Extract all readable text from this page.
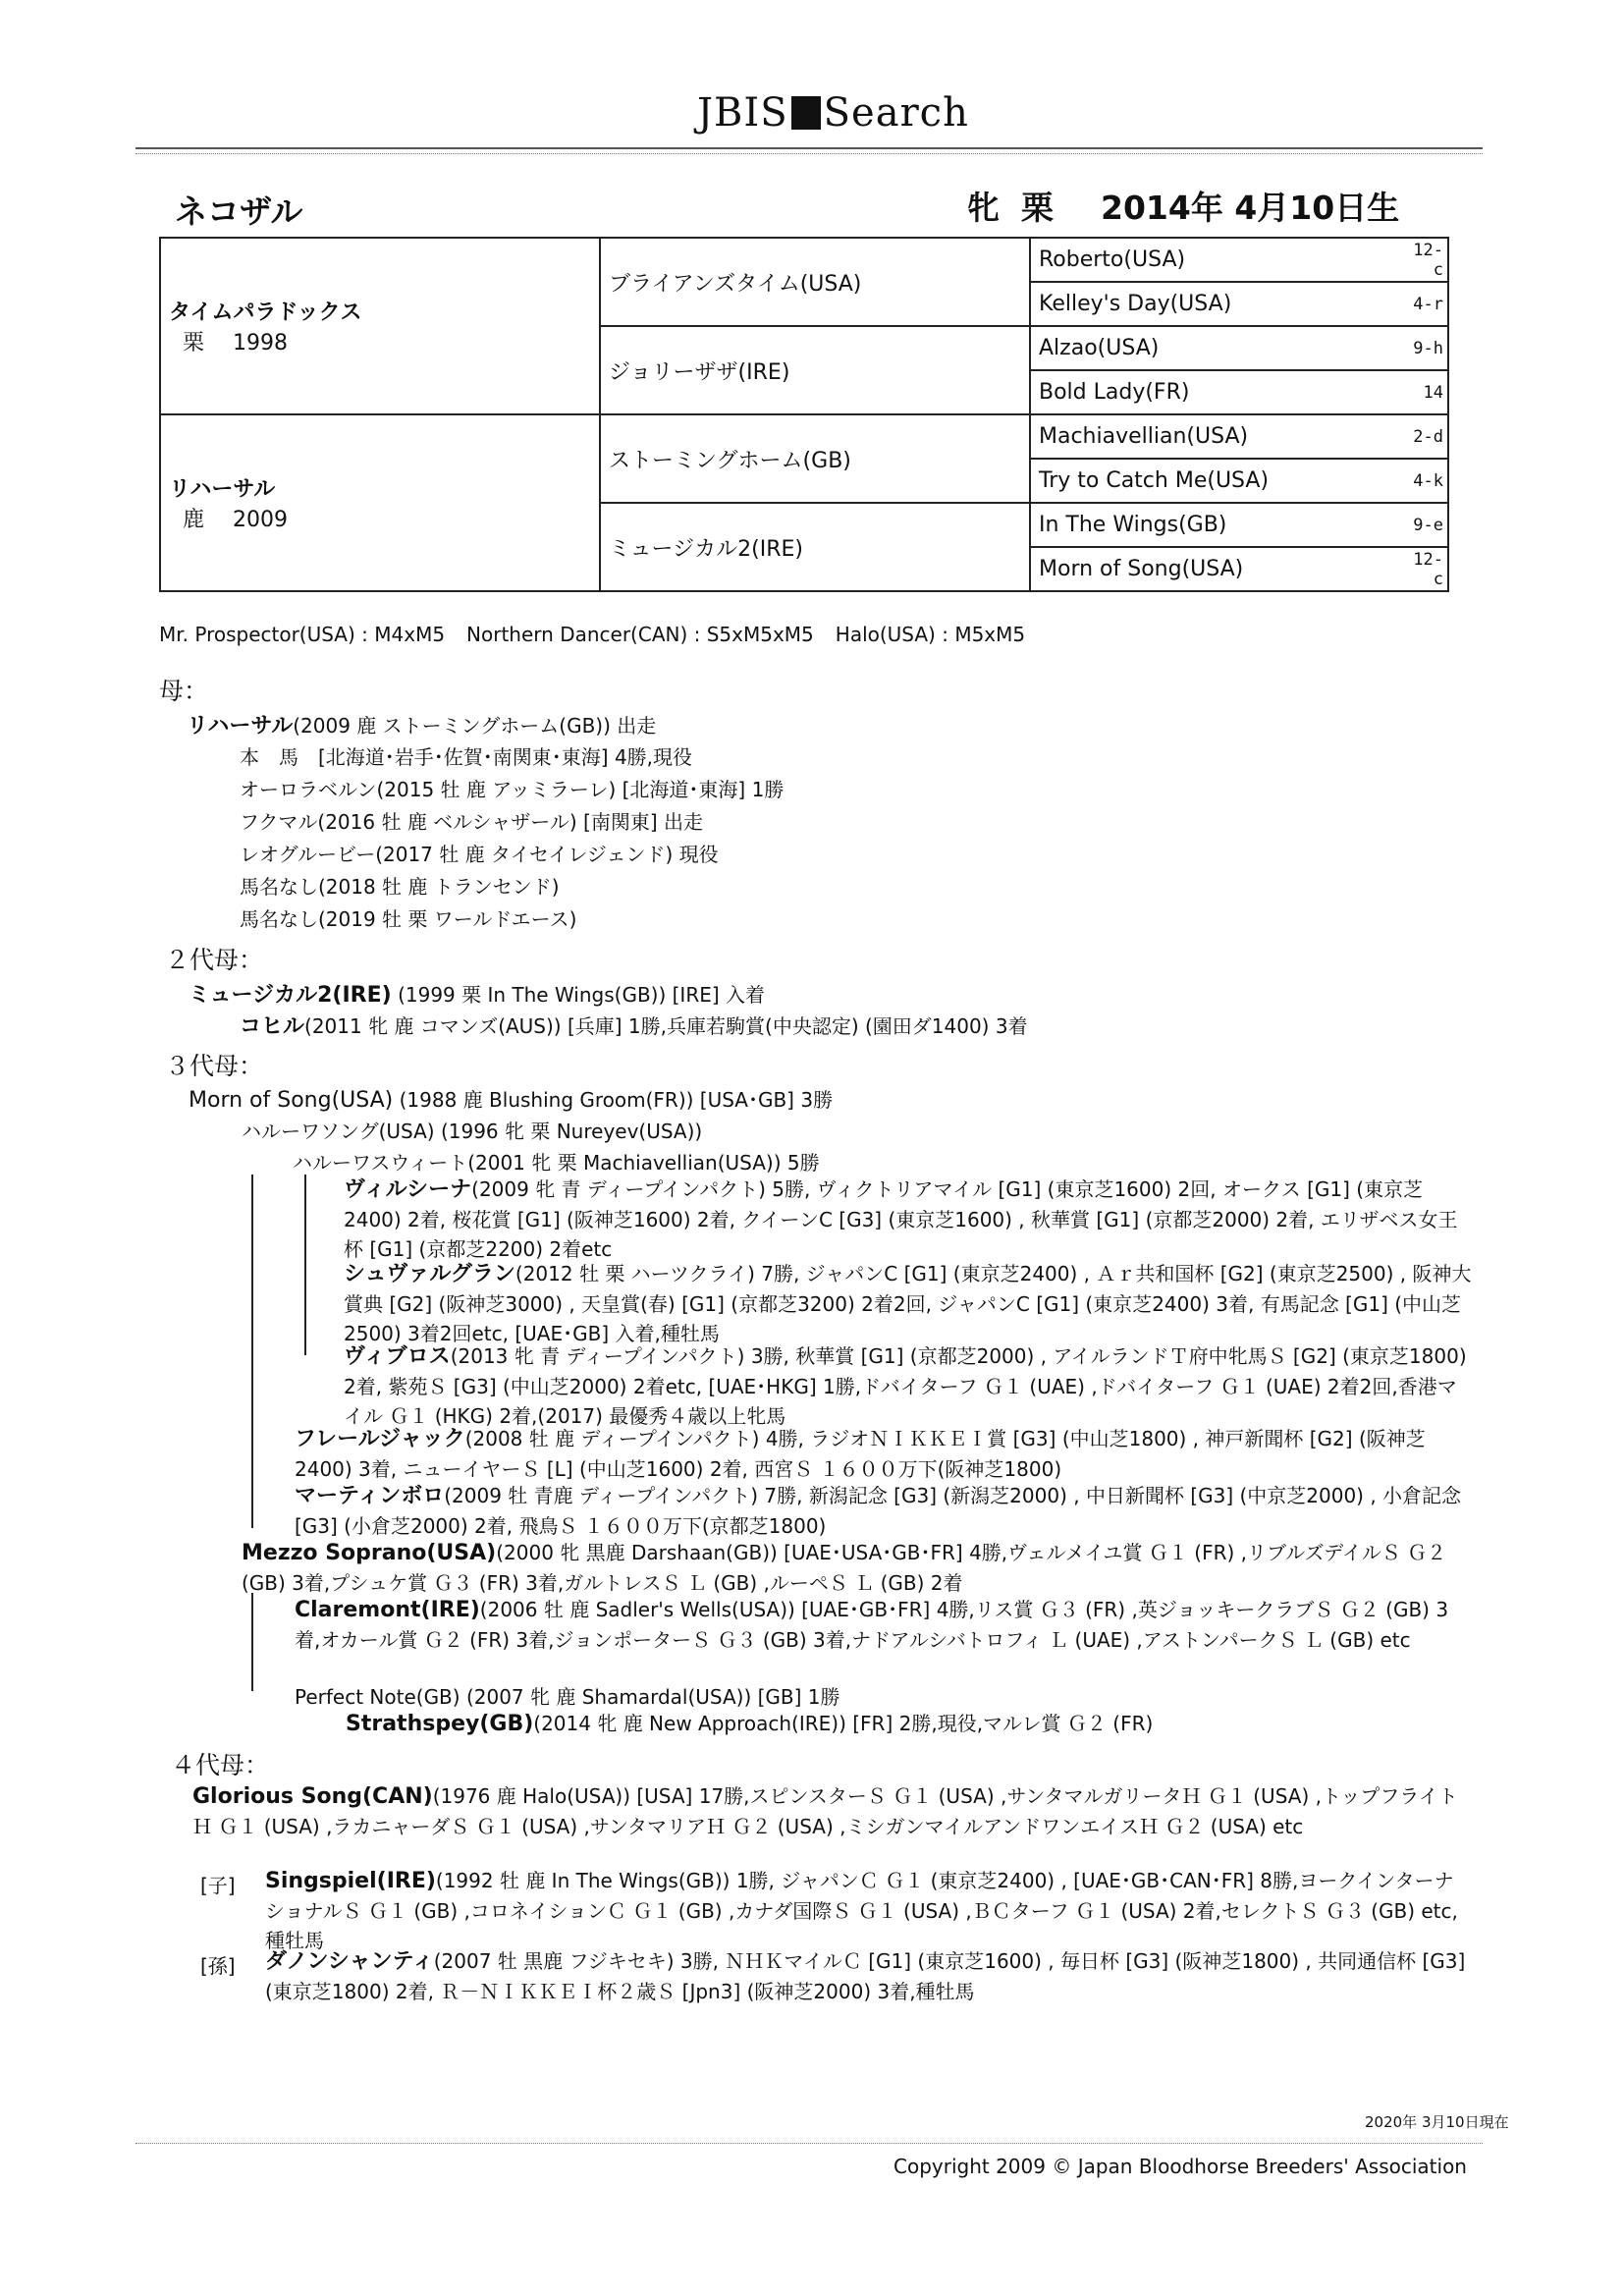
JBIS Search
ネコザル	牝 栗 2014年 4月10日生
タイムパラドックス
栗　 1998	ブライアンズタイム(USA)	Roberto(USA)	12-c
		Kelley's Day(USA)	4-r
	ジョリーザザ(IRE)	Alzao(USA)	9-h
		Bold Lady(FR)	14
リハーサル
鹿　 2009	ストーミングホーム(GB)	Machiavellian(USA)	2-d
		Try to Catch Me(USA)	4-k
	ミュージカル2(IRE)	In The Wings(GB)	9-e
		Morn of Song(USA)	12-c
Mr. Prospector(USA) : M4xM5 Northern Dancer(CAN) : S5xM5xM5 Halo(USA) : M5xM5
母：
リハーサル(2009 鹿 ストーミングホーム(GB)) 出走
本　馬　[北海道･岩手･佐賀･南関東･東海] 4勝,現役
オーロラベルン(2015 牡 鹿 アッミラーレ) [北海道･東海] 1勝
フクマル(2016 牡 鹿 ベルシャザール) [南関東] 出走
レオグルービー(2017 牡 鹿 タイセイレジェンド) 現役
馬名なし(2018 牡 鹿 トランセンド)
馬名なし(2019 牡 栗 ワールドエース)
２代母：
ミュージカル2(IRE) (1999 栗 In The Wings(GB)) [IRE] 入着
コヒル(2011 牝 鹿 コマンズ(AUS)) [兵庫] 1勝,兵庫若駒賞(中央認定) (園田ダ1400) 3着
３代母：
Morn of Song(USA) (1988 鹿 Blushing Groom(FR)) [USA･GB] 3勝
ハルーワソング(USA) (1996 牝 栗 Nureyev(USA))
ハルーワスウィート(2001 牝 栗 Machiavellian(USA)) 5勝
ヴィルシーナ(2009 牝 青 ディープインパクト) 5勝, ヴィクトリアマイル [G1] (東京芝1600) 2回, オークス [G1] (東京芝2400) 2着, 桜花賞 [G1] (阪神芝1600) 2着, クイーンC [G3] (東京芝1600) , 秋華賞 [G1] (京都芝2000) 2着, エリザベス女王杯 [G1] (京都芝2200) 2着etc
シュヴァルグラン(2012 牡 栗 ハーツクライ) 7勝, ジャパンC [G1] (東京芝2400) , Ａｒ共和国杯 [G2] (東京芝2500) , 阪神大賞典 [G2] (阪神芝3000) , 天皇賞(春) [G1] (京都芝3200) 2着2回, ジャパンC [G1] (東京芝2400) 3着, 有馬記念 [G1] (中山芝2500) 3着2回etc, [UAE･GB] 入着,種牡馬
ヴィブロス(2013 牝 青 ディープインパクト) 3勝, 秋華賞 [G1] (京都芝2000) , アイルランドＴ府中牝馬Ｓ [G2] (東京芝1800) 2着, 紫苑Ｓ [G3] (中山芝2000) 2着etc, [UAE･HKG] 1勝,ドバイターフ Ｇ１ (UAE) ,ドバイターフ Ｇ１ (UAE) 2着2回,香港マイル Ｇ１ (HKG) 2着,(2017) 最優秀４歳以上牝馬
フレールジャック(2008 牡 鹿 ディープインパクト) 4勝, ラジオＮＩＫＫＥＩ賞 [G3] (中山芝1800) , 神戸新聞杯 [G2] (阪神芝2400) 3着, ニューイヤーＳ [L] (中山芝1600) 2着, 西宮Ｓ １６００万下(阪神芝1800)
マーティンボロ(2009 牡 青鹿 ディープインパクト) 7勝, 新潟記念 [G3] (新潟芝2000) , 中日新聞杯 [G3] (中京芝2000) , 小倉記念 [G3] (小倉芝2000) 2着, 飛鳥Ｓ １６００万下(京都芝1800)
Mezzo Soprano(USA)(2000 牝 黒鹿 Darshaan(GB)) [UAE･USA･GB･FR] 4勝,ヴェルメイユ賞 Ｇ１ (FR) ,リブルズデイルＳ Ｇ２ (GB) 3着,プシュケ賞 Ｇ３ (FR) 3着,ガルトレスＳ Ｌ (GB) ,ルーペＳ Ｌ (GB) 2着
Claremont(IRE)(2006 牡 鹿 Sadler's Wells(USA)) [UAE･GB･FR] 4勝,リス賞 Ｇ３ (FR) ,英ジョッキークラブＳ Ｇ２ (GB) 3着,オカール賞 Ｇ２ (FR) 3着,ジョンポーターＳ Ｇ３ (GB) 3着,ナドアルシバトロフィ Ｌ (UAE) ,アストンパークＳ Ｌ (GB) etc
Perfect Note(GB) (2007 牝 鹿 Shamardal(USA)) [GB] 1勝
Strathspey(GB)(2014 牝 鹿 New Approach(IRE)) [FR] 2勝,現役,マルレ賞 Ｇ２ (FR)
４代母：
Glorious Song(CAN)(1976 鹿 Halo(USA)) [USA] 17勝,スピンスターＳ Ｇ１ (USA) ,サンタマルガリータＨ Ｇ１ (USA) ,トップフライトＨ Ｇ１ (USA) ,ラカニャーダＳ Ｇ１ (USA) ,サンタマリアＨ Ｇ２ (USA) ,ミシガンマイルアンドワンエイスＨ Ｇ２ (USA) etc
[子] Singspiel(IRE)(1992 牡 鹿 In The Wings(GB)) 1勝, ジャパンＣ Ｇ１ (東京芝2400) , [UAE･GB･CAN･FR] 8勝,ヨークインターナショナルＳ Ｇ１ (GB) ,コロネイションＣ Ｇ１ (GB) ,カナダ国際Ｓ Ｇ１ (USA) ,ＢＣターフ Ｇ１ (USA) 2着,セレクトＳ Ｇ３ (GB) etc,種牡馬
[孫] ダノンシャンティ(2007 牡 黒鹿 フジキセキ) 3勝, ＮＨＫマイルＣ [G1] (東京芝1600) , 毎日杯 [G3] (阪神芝1800) , 共同通信杯 [G3] (東京芝1800) 2着, Ｒ－ＮＩＫＫＥＩ杯２歳Ｓ [Jpn3] (阪神芝2000) 3着,種牡馬
2020年 3月10日現在
Copyright 2009 © Japan Bloodhorse Breeders' Association
